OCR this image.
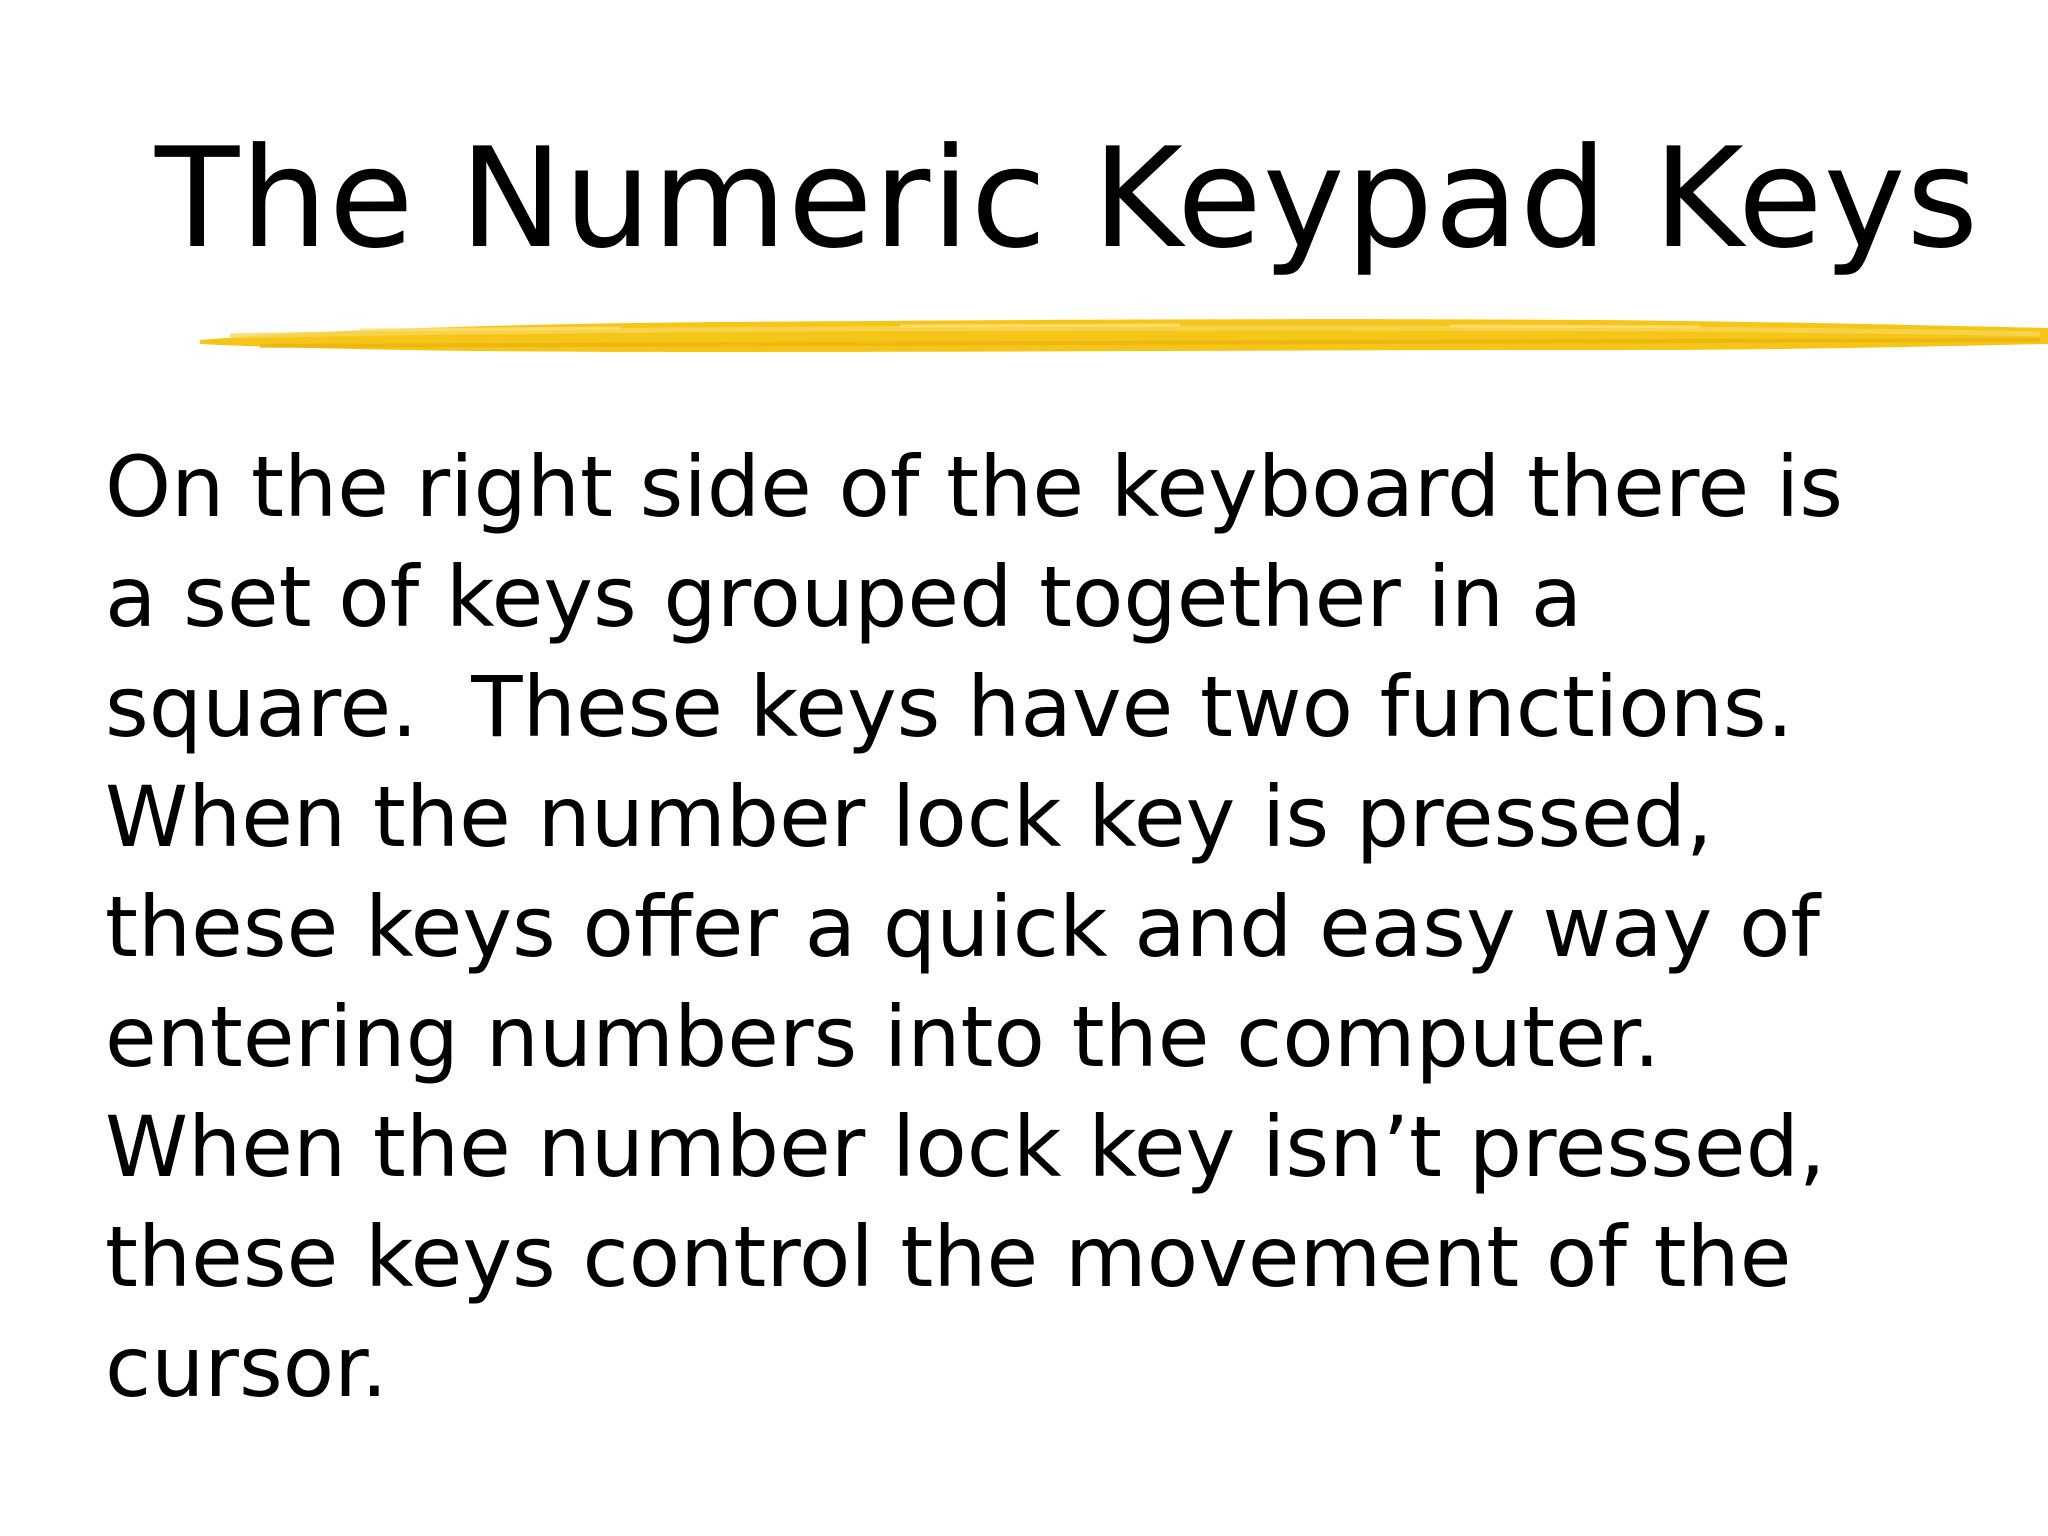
The Numeric Keypad Keys
On the right side of the keyboard there is
a set of keys grouped together in a
square.  These keys have two functions.
When the number lock key is pressed,
these keys offer a quick and easy way of
entering numbers into the computer.
When the number lock key isn’t pressed,
these keys control the movement of the
cursor.
